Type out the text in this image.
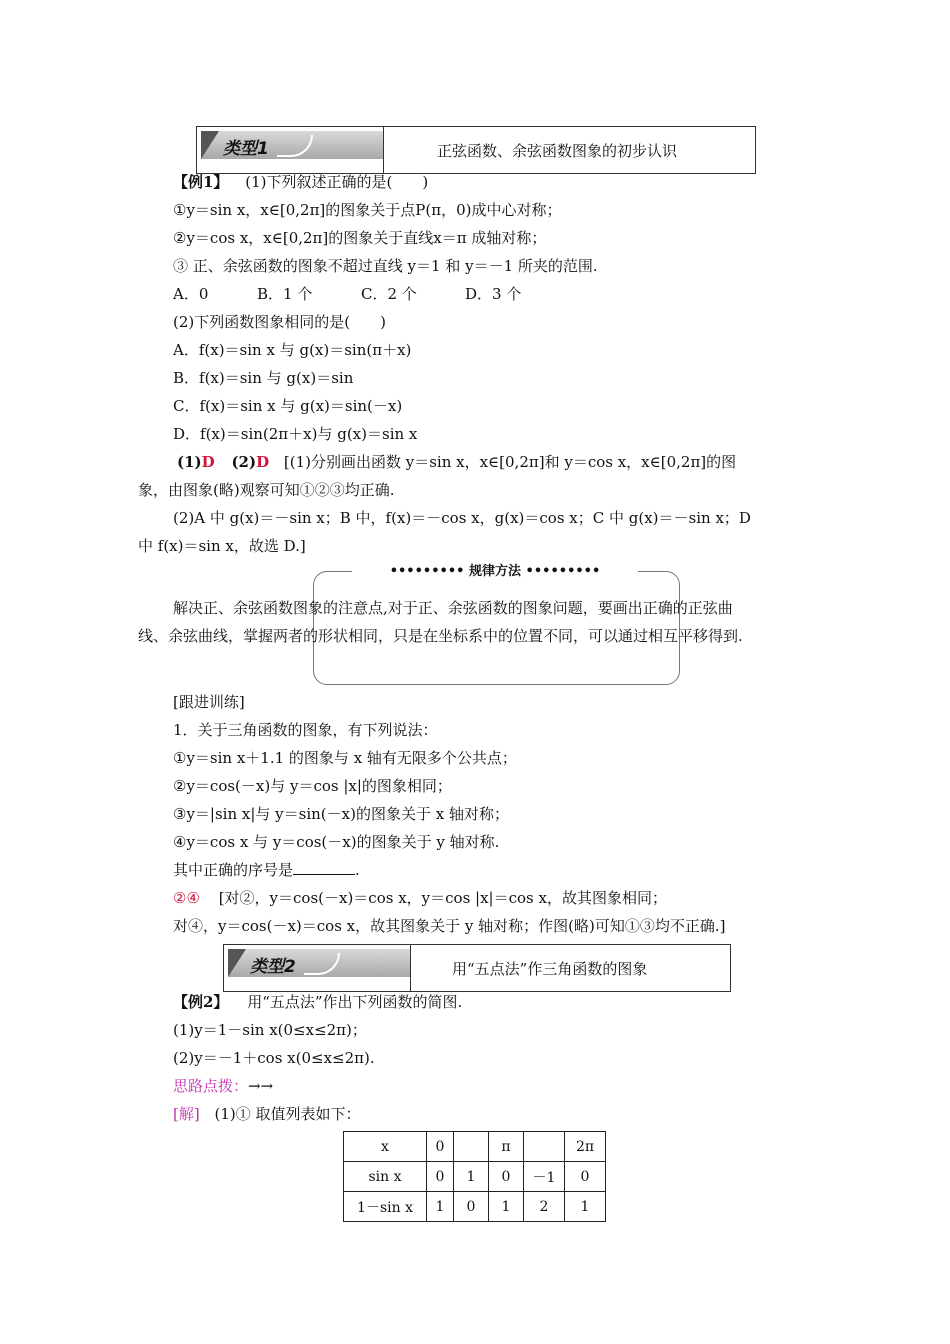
类型1	正弦函数、余弦函数图象的初步认识
【例1】 (1)下列叙述正确的是(　　)
①y＝sin x，x∈[0,2π]的图象关于点P(π，0)成中心对称；
②y＝cos x，x∈[0,2π]的图象关于直线x＝π 成轴对称；
③ 正、余弦函数的图象不超过直线 y＝1 和 y＝－1 所夹的范围.
A．0	B．1 个	C．2 个	D．3 个
(2)下列函数图象相同的是(　　)
A．f(x)＝sin x 与 g(x)＝sin(π＋x)
B．f(x)＝sin 与 g(x)＝sin
C．f(x)＝sin x 与 g(x)＝sin(－x)
D．f(x)＝sin(2π＋x)与 g(x)＝sin x
(1)D (2)D [(1)分别画出函数 y＝sin x，x∈[0,2π]和 y＝cos x，x∈[0,2π]的图
象，由图象(略)观察可知①②③均正确.
(2)A 中 g(x)＝－sin x；B 中，f(x)＝－cos x，g(x)＝cos x；C 中 g(x)＝－sin x；D
中 f(x)＝sin x，故选 D.]
••••••••• 规律方法 •••••••••
解决正、余弦函数图象的注意点,对于正、余弦函数的图象问题，要画出正确的正弦曲
线、余弦曲线，掌握两者的形状相同，只是在坐标系中的位置不同，可以通过相互平移得到.
[跟进训练]
1．关于三角函数的图象，有下列说法：
①y＝sin x＋1.1 的图象与 x 轴有无限多个公共点；
②y＝cos(－x)与 y＝cos |x|的图象相同；
③y＝|sin x|与 y＝sin(－x)的图象关于 x 轴对称；
④y＝cos x 与 y＝cos(－x)的图象关于 y 轴对称.
其中正确的序号是	.
②④ [对②，y＝cos(－x)＝cos x，y＝cos |x|＝cos x，故其图象相同；
对④，y＝cos(－x)＝cos x，故其图象关于 y 轴对称；作图(略)可知①③均不正确.]
类型2	用“五点法”作三角函数的图象
【例2】 用“五点法”作出下列函数的简图.
(1)y＝1－sin x(0≤x≤2π)；
(2)y＝－1＋cos x(0≤x≤2π).
思路点拨：→→
[解] (1)① 取值列表如下：
x	0		π		2π
sin x	0	1	0	－1	0
1－sin x	1	0	1	2	1
